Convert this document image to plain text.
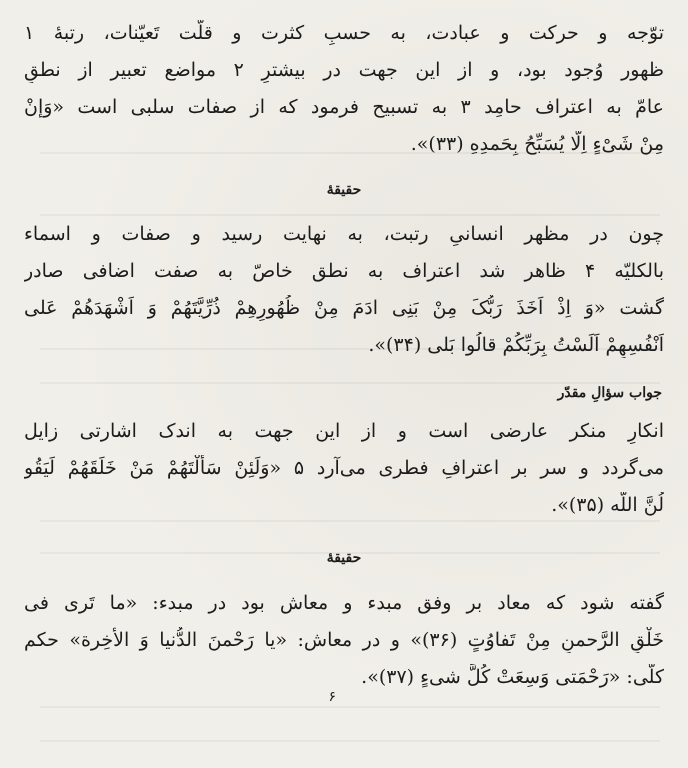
توّجه و حرکت و عبادت، به حسبِ کثرت و قلّت تَعیّنات، رتبهٔ ۱
ظهور وُجود بود، و از این جهت در بیشترِ ۲ مواضع تعبیر از نطقِ
عامّ به اعتراف حامِد ۳ به تسبیح فرمود که از صفات سلبی است «وَإنْ
مِنْ شَیْءٍ اِلّا یُسَبِّحُ بِحَمدِهِ (۳۳)».
حقیقهٔ
چون در مظهر انسانیِ رتبت، به نهایت رسید و صفات و اسماء
بالکلیّه ۴ ظاهر شد اعتراف به نطق خاصّ به صفت اضافی صادر
گشت «وَ اِذْ اَخَذَ رَبُّکَ مِنْ بَنِی ادَمَ مِنْ ظُهُورِهِمْ ذُرِّیَّتَهُمْ وَ اَشْهَدَهُمْ عَلی
اَنْفُسِهِمْ اَلَسْتُ بِرَبِّکُمْ قالُوا بَلی (۳۴)».
جواب سؤالِ مقدّر
انکارِ منکر عارضی است و از این جهت به اندک اشارتی زایل
می‌گردد و سر بر اعترافِ فطری می‌آرد ۵ «وَلَئِنْ سَأَلْتَهُمْ مَنْ خَلَقَهُمْ لَیَقُو
لُنَّ اللّه (۳۵)».
حقیقهٔ
گفته شود که معاد بر وفق مبدء و معاش بود در مبدء: «ما تَری فی
خَلْقِ الرَّحمنِ مِنْ تَفاوُتٍ (۳۶)» و در معاش: «یا رَحْمنَ الدُّنیا وَ الأخِرة» حکم
کلّی: «رَحْمَتی وَسِعَتْ کُلَّ شیءٍ (۳۷)».
۶
